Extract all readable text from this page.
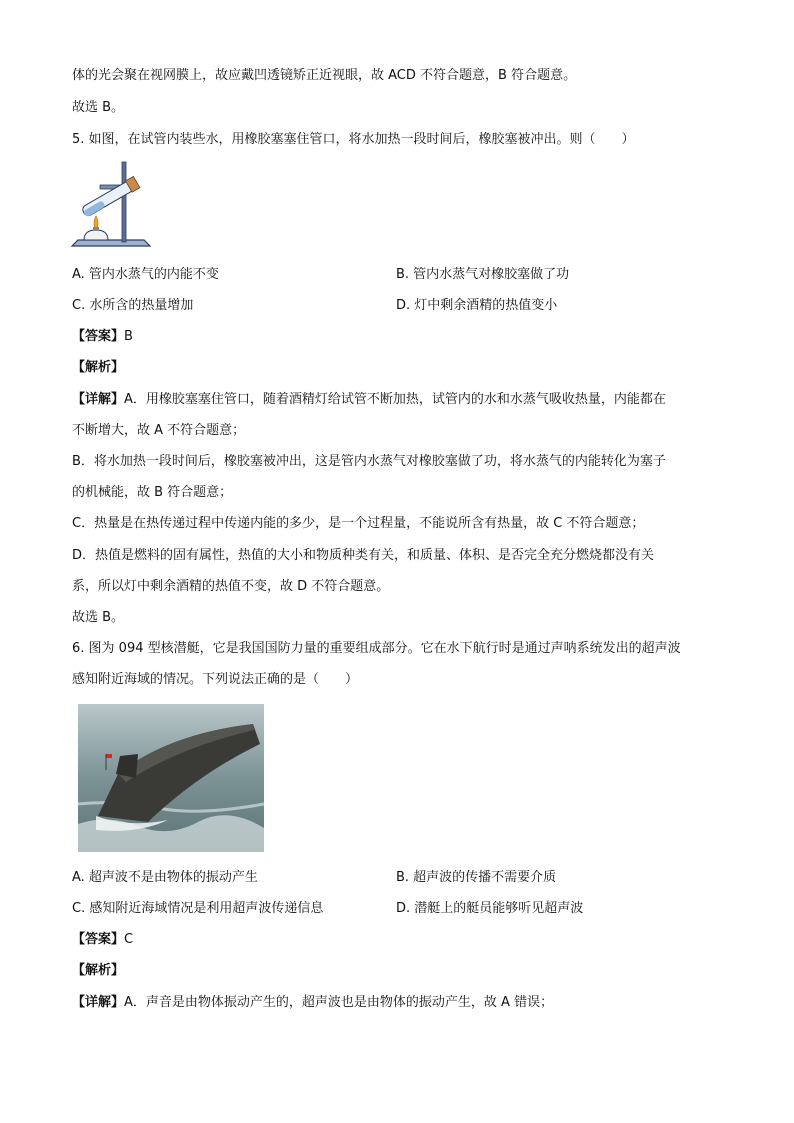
体的光会聚在视网膜上，故应戴凹透镜矫正近视眼，故 ACD 不符合题意，B 符合题意。
故选 B。
5. 如图，在试管内装些水，用橡胶塞塞住管口，将水加热一段时间后，橡胶塞被冲出。则（　　）
A. 管内水蒸气的内能不变	B. 管内水蒸气对橡胶塞做了功
C. 水所含的热量增加	D. 灯中剩余酒精的热值变小
【答案】B
【解析】
【详解】A．用橡胶塞塞住管口，随着酒精灯给试管不断加热，试管内的水和水蒸气吸收热量，内能都在
不断增大，故 A 不符合题意；
B．将水加热一段时间后，橡胶塞被冲出，这是管内水蒸气对橡胶塞做了功，将水蒸气的内能转化为塞子
的机械能，故 B 符合题意；
C．热量是在热传递过程中传递内能的多少，是一个过程量，不能说所含有热量，故 C 不符合题意；
D．热值是燃料的固有属性，热值的大小和物质种类有关，和质量、体积、是否完全充分燃烧都没有关
系，所以灯中剩余酒精的热值不变，故 D 不符合题意。
故选 B。
6. 图为 094 型核潜艇，它是我国国防力量的重要组成部分。它在水下航行时是通过声呐系统发出的超声波
感知附近海域的情况。下列说法正确的是（　　）
A. 超声波不是由物体的振动产生	B. 超声波的传播不需要介质
C. 感知附近海域情况是利用超声波传递信息	D. 潜艇上的艇员能够听见超声波
【答案】C
【解析】
【详解】A．声音是由物体振动产生的，超声波也是由物体的振动产生，故 A 错误；
